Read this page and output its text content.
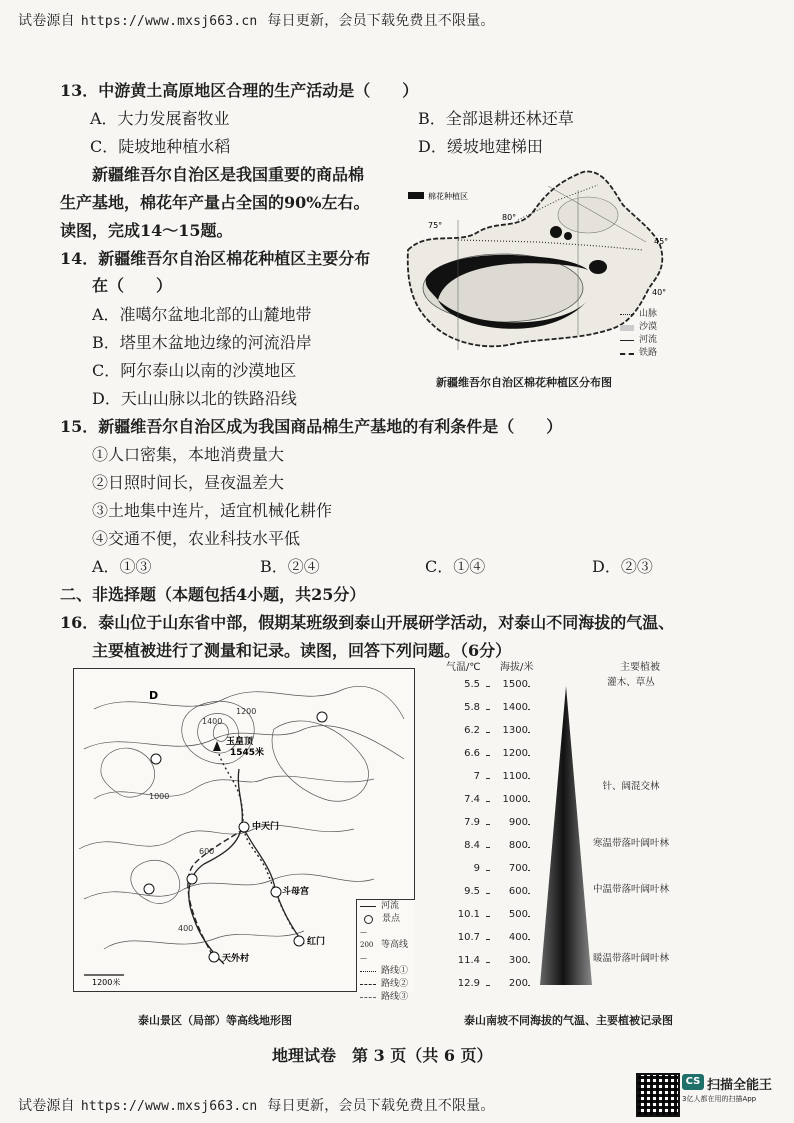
试卷源自 https://www.mxsj663.cn 每日更新，会员下载免费且不限量。
13．中游黄土高原地区合理的生产活动是（　　）
A．大力发展畜牧业	B．全部退耕还林还草
C．陡坡地种植水稻	D．缓坡地建梯田
新疆维吾尔自治区是我国重要的商品棉
生产基地，棉花年产量占全国的90%左右。
读图，完成14～15题。
14．新疆维吾尔自治区棉花种植区主要分布
在（　　）
A．准噶尔盆地北部的山麓地带
B．塔里木盆地边缘的河流沿岸
C．阿尔泰山以南的沙漠地区
D．天山山脉以北的铁路沿线
棉花种植区
75°
80°
40°
45°
山脉
沙漠
河流
铁路
新疆维吾尔自治区棉花种植区分布图
15．新疆维吾尔自治区成为我国商品棉生产基地的有利条件是（　　）
①人口密集，本地消费量大
②日照时间长，昼夜温差大
③土地集中连片，适宜机械化耕作
④交通不便，农业科技水平低
A．①③	B．②④	C．①④	D．②③
二、非选择题（本题包括4小题，共25分）
16．泰山位于山东省中部，假期某班级到泰山开展研学活动，对泰山不同海拔的气温、
主要植被进行了测量和记录。读图，回答下列问题。（6分）
玉皇顶
1545米
中天门
斗母宫
红门
天外村
D
1000
1400
1200
600
400
1200米
河流
景点
—200—
等高线
路线①
路线②
路线③
泰山景区（局部）等高线地形图
气温/℃ 海拔/米	主要植被
5.5	1500
5.8	1400
6.2	1300
6.6	1200
7	1100
7.4	1000
7.9	900
8.4	800
9	700
9.5	600
10.1	500
10.7	400
11.4	300
12.9	200
灌木、草丛
针、阔混交林
寒温带落叶阔叶林
中温带落叶阔叶林
暖温带落叶阔叶林
泰山南坡不同海拔的气温、主要植被记录图
地理试卷　第 3 页（共 6 页）
CS 扫描全能王
3亿人都在用的扫描App
试卷源自 https://www.mxsj663.cn 每日更新，会员下载免费且不限量。
